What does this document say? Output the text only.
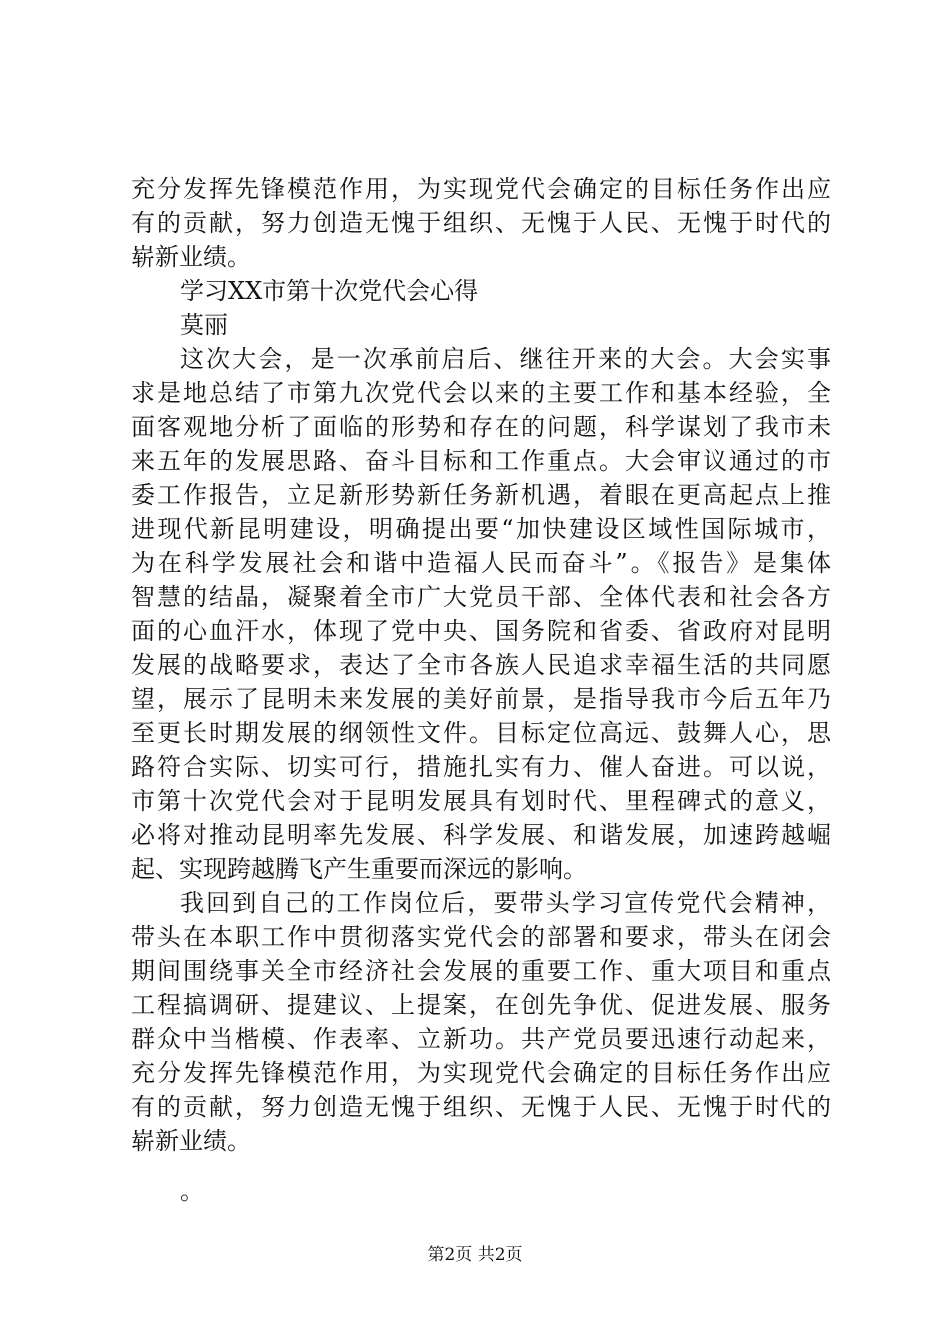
充分发挥先锋模范作用，为实现党代会确定的目标任务作出应
有的贡献，努力创造无愧于组织、无愧于人民、无愧于时代的
崭新业绩。
学习XX市第十次党代会心得
莫丽
这次大会，是一次承前启后、继往开来的大会。大会实事
求是地总结了市第九次党代会以来的主要工作和基本经验，全
面客观地分析了面临的形势和存在的问题，科学谋划了我市未
来五年的发展思路、奋斗目标和工作重点。大会审议通过的市
委工作报告，立足新形势新任务新机遇，着眼在更高起点上推
进现代新昆明建设，明确提出要“加快建设区域性国际城市，
为在科学发展社会和谐中造福人民而奋斗”。《报告》是集体
智慧的结晶，凝聚着全市广大党员干部、全体代表和社会各方
面的心血汗水，体现了党中央、国务院和省委、省政府对昆明
发展的战略要求，表达了全市各族人民追求幸福生活的共同愿
望，展示了昆明未来发展的美好前景，是指导我市今后五年乃
至更长时期发展的纲领性文件。目标定位高远、鼓舞人心，思
路符合实际、切实可行，措施扎实有力、催人奋进。可以说，
市第十次党代会对于昆明发展具有划时代、里程碑式的意义，
必将对推动昆明率先发展、科学发展、和谐发展，加速跨越崛
起、实现跨越腾飞产生重要而深远的影响。
我回到自己的工作岗位后，要带头学习宣传党代会精神，
带头在本职工作中贯彻落实党代会的部署和要求，带头在闭会
期间围绕事关全市经济社会发展的重要工作、重大项目和重点
工程搞调研、提建议、上提案，在创先争优、促进发展、服务
群众中当楷模、作表率、立新功。共产党员要迅速行动起来，
充分发挥先锋模范作用，为实现党代会确定的目标任务作出应
有的贡献，努力创造无愧于组织、无愧于人民、无愧于时代的
崭新业绩。
。
第2页 共2页
